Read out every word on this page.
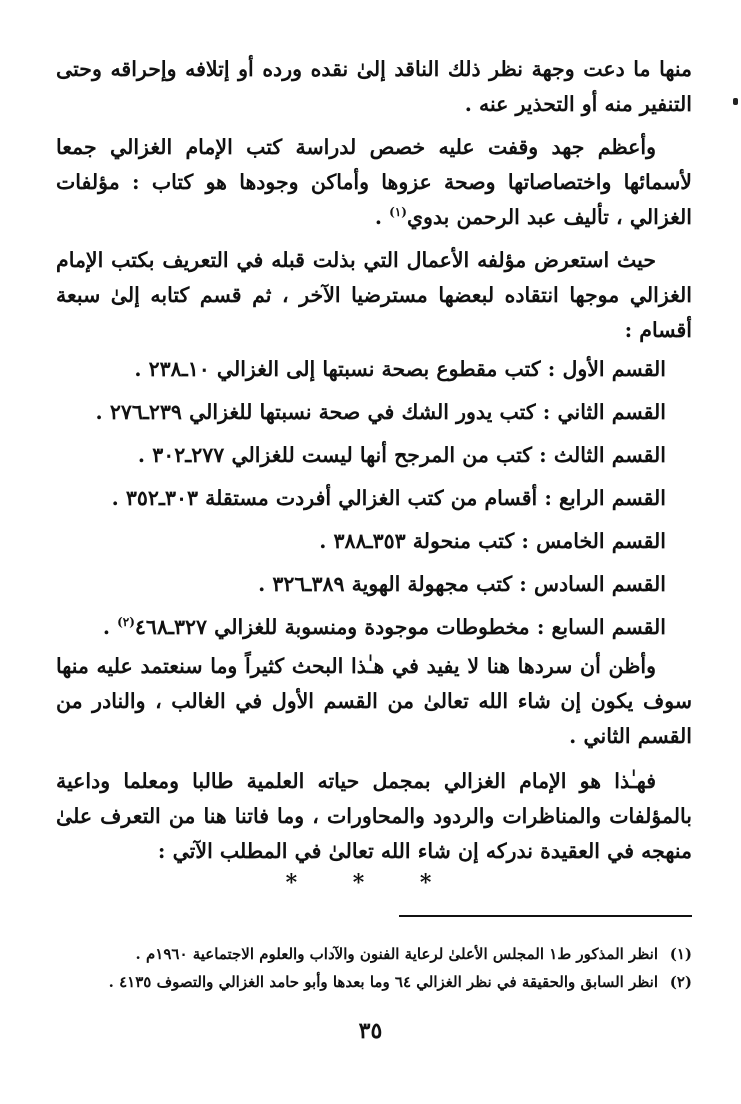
منها ما دعت وجهة نظر ذلك الناقد إلىٰ نقده ورده أو إتلافه وإحراقه وحتى التنفير منه أو التحذير عنه .

وأعظم جهد وقفت عليه خصص لدراسة كتب الإمام الغزالي جمعا لأسمائها واختصاصاتها وصحة عزوها وأماكن وجودها هو كتاب : مؤلفات الغزالي ، تأليف عبد الرحمن بدوي$^{(١)}$ .

حيث استعرض مؤلفه الأعمال التي بذلت قبله في التعريف بكتب الإمام الغزالي موجها انتقاده لبعضها مسترضيا الآخر ، ثم قسم كتابه إلىٰ سبعة أقسام :

القسم الأول : كتب مقطوع بصحة نسبتها إلى الغزالي ١٠ـ٢٣٨ .

القسم الثاني : كتب يدور الشك في صحة نسبتها للغزالي ٢٣٩ـ٢٧٦ .

القسم الثالث : كتب من المرجح أنها ليست للغزالي ٢٧٧ـ٣٠٢ .

القسم الرابع : أقسام من كتب الغزالي أفردت مستقلة ٣٠٣ـ٣٥٢ .

القسم الخامس : كتب منحولة ٣٥٣ـ٣٨٨ .

القسم السادس : كتب مجهولة الهوية ٣٨٩ـ٣٢٦ .

القسم السابع : مخطوطات موجودة ومنسوبة للغزالي ٣٢٧ـ٤٦٨$^{(٢)}$ .

وأظن أن سردها هنا لا يفيد في هـٰذا البحث كثيراً وما سنعتمد عليه منها سوف يكون إن شاء الله تعالىٰ من القسم الأول في الغالب ، والنادر من القسم الثاني .

فهـٰذا هو الإمام الغزالي بمجمل حياته العلمية طالبا ومعلما وداعية بالمؤلفات والمناظرات والردود والمحاورات ، وما فاتنا هنا من التعرف علىٰ منهجه في العقيدة ندركه إن شاء الله تعالىٰ في المطلب الآتي :

* * *

(١)انظر المذكور ط١ المجلس الأعلىٰ لرعاية الفنون والآداب والعلوم الاجتماعية ١٩٦٠م .

(٢)انظر السابق والحقيقة في نظر الغزالي ٦٤ وما بعدها وأبو حامد الغزالي والتصوف ٤١٣٥ .

٣٥
